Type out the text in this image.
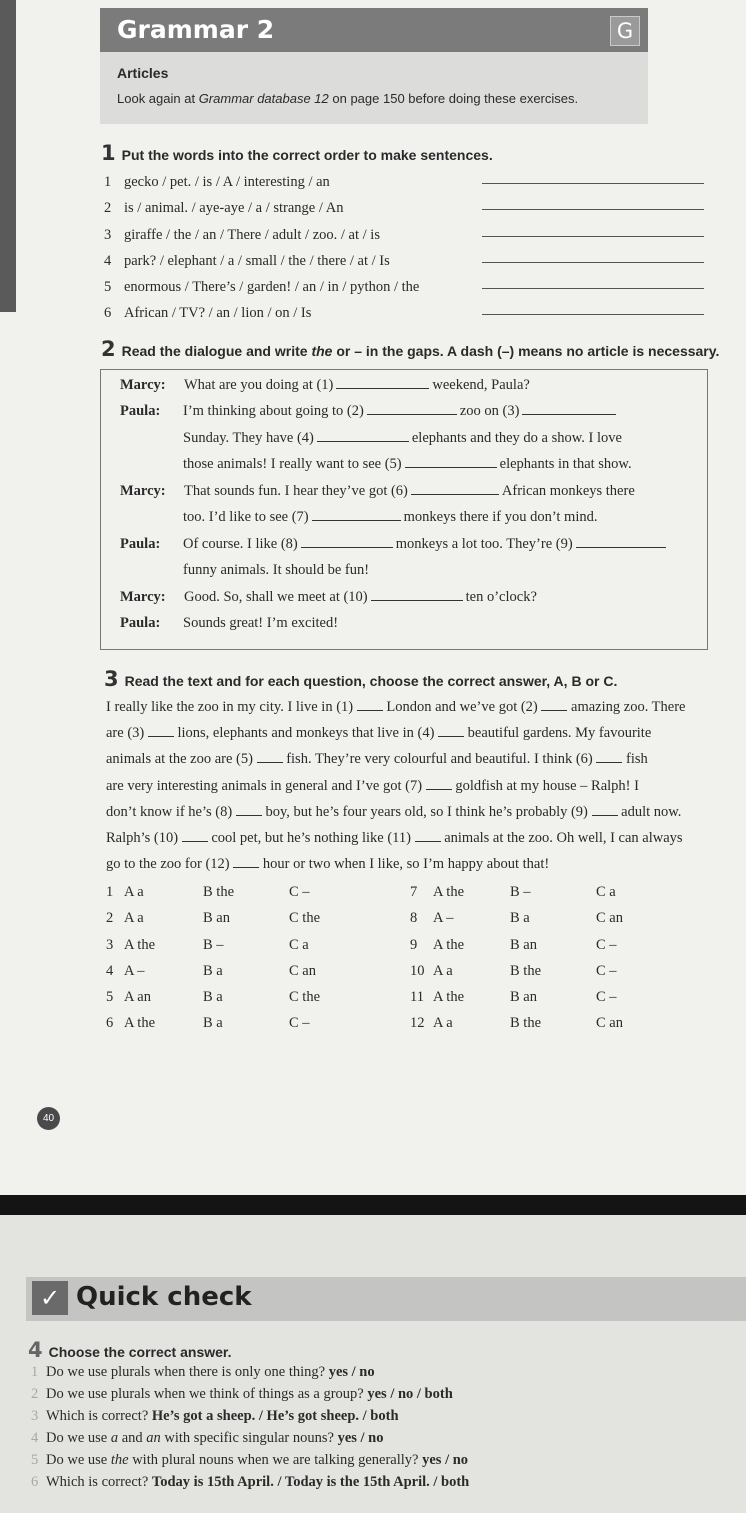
Grammar 2	G
Articles
Look again at Grammar database 12 on page 150 before doing these exercises.
1 Put the words into the correct order to make sentences.
1 gecko / pet. / is / A / interesting / an
2 is / animal. / aye-aye / a / strange / An
3 giraffe / the / an / There / adult / zoo. / at / is
4 park? / elephant / a / small / the / there / at / Is
5 enormous / There’s / garden! / an / in / python / the
6 African / TV? / an / lion / on / Is
2 Read the dialogue and write the or – in the gaps. A dash (–) means no article is necessary.
Marcy: What are you doing at (1)	weekend, Paula?
Paula: I’m thinking about going to (2)	zoo on (3)
Sunday. They have (4)	elephants and they do a show. I love
those animals! I really want to see (5)	elephants in that show.
Marcy: That sounds fun. I hear they’ve got (6)	African monkeys there
too. I’d like to see (7)	monkeys there if you don’t mind.
Paula: Of course. I like (8)	monkeys a lot too. They’re (9)
funny animals. It should be fun!
Marcy: Good. So, shall we meet at (10)	ten o’clock?
Paula: Sounds great! I’m excited!
3 Read the text and for each question, choose the correct answer, A, B or C.
I really like the zoo in my city. I live in (1)  London and we’ve got (2)  amazing zoo. There
are (3)  lions, elephants and monkeys that live in (4)  beautiful gardens. My favourite
animals at the zoo are (5)  fish. They’re very colourful and beautiful. I think (6)  fish
are very interesting animals in general and I’ve got (7)  goldfish at my house – Ralph! I
don’t know if he’s (8)  boy, but he’s four years old, so I think he’s probably (9)  adult now.
Ralph’s (10)  cool pet, but he’s nothing like (11)  animals at the zoo. Oh well, I can always
go to the zoo for (12)  hour or two when I like, so I’m happy about that!
1 A a	B the	C –
2 A a	B an	C the
3 A the	B –	C a
4 A –	B a	C an
5 A an	B a	C the
6 A the	B a	C –
7 A the	B –	C a
8 A –	B a	C an
9 A the	B an	C –
10 A a	B the	C –
11 A the	B an	C –
12 A a	B the	C an
40
✓ Quick check
4 Choose the correct answer.
1 Do we use plurals when there is only one thing? yes / no
2 Do we use plurals when we think of things as a group? yes / no / both
3 Which is correct? He’s got a sheep. / He’s got sheep. / both
4 Do we use a and an with specific singular nouns? yes / no
5 Do we use the with plural nouns when we are talking generally? yes / no
6 Which is correct? Today is 15th April. / Today is the 15th April. / both
